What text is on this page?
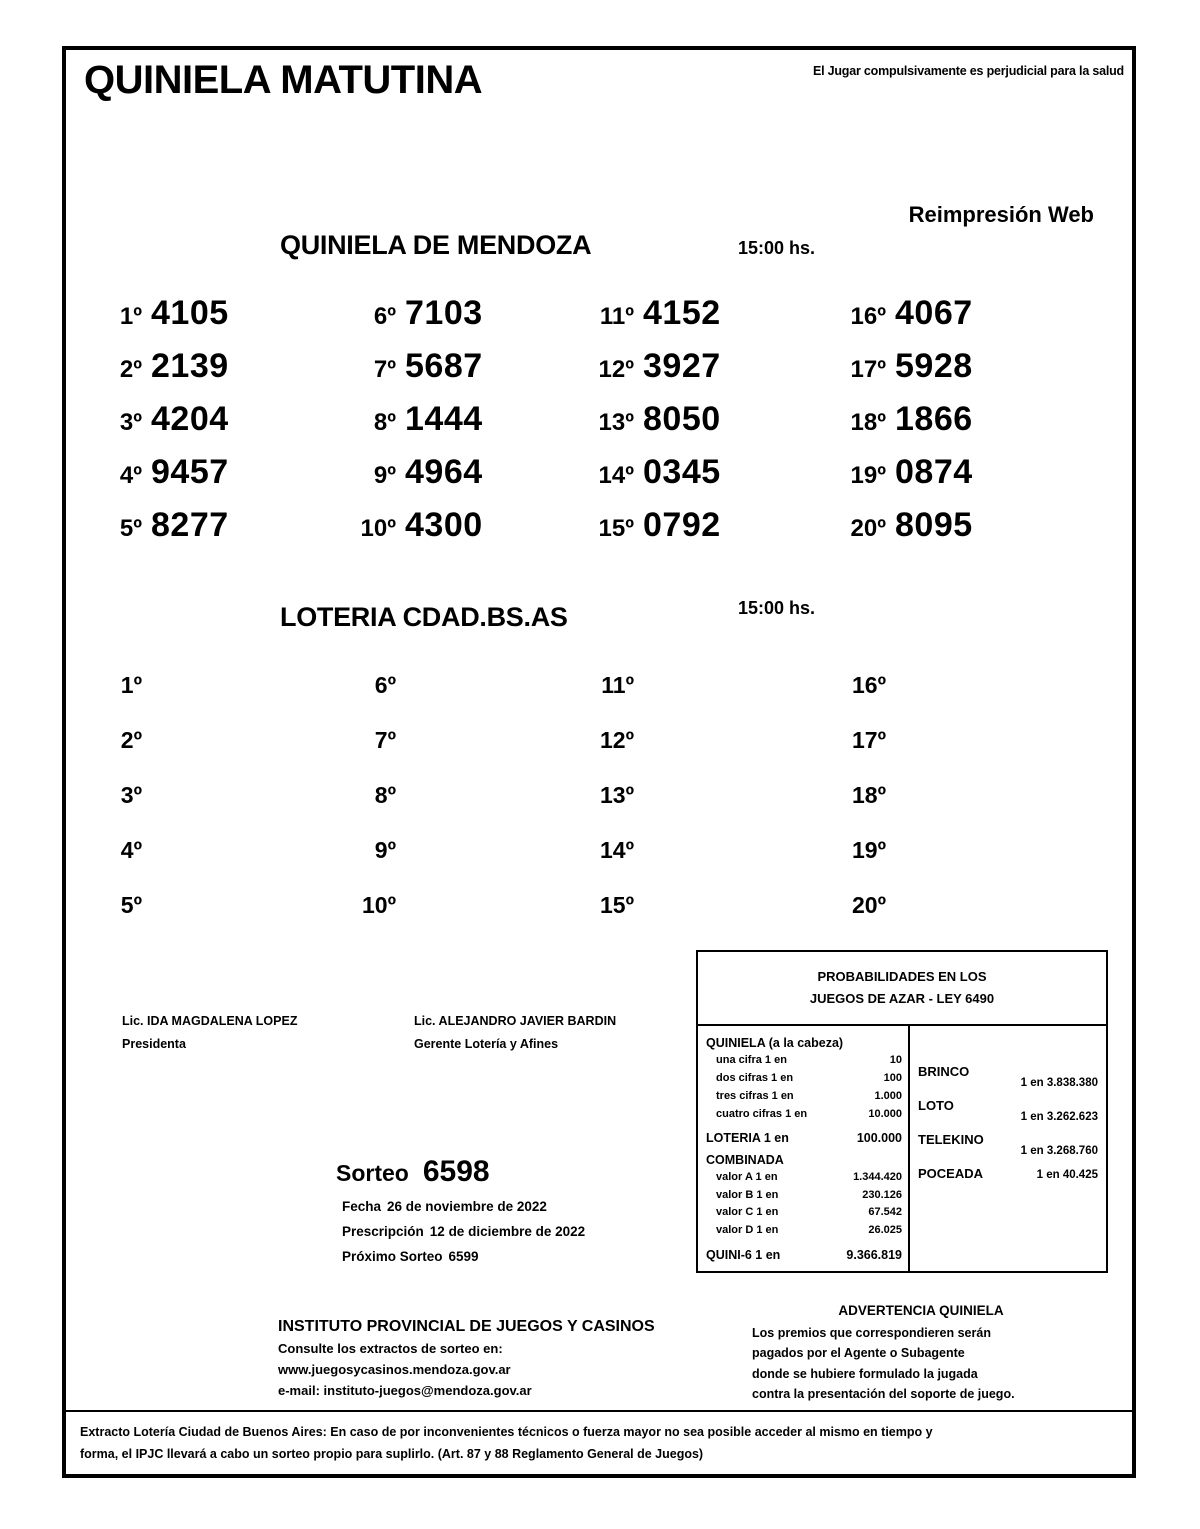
QUINIELA MATUTINA	El Jugar compulsivamente es perjudicial para la salud
Reimpresión Web
QUINIELA DE MENDOZA	15:00 hs.
1º 4105
2º 2139
3º 4204
4º 9457
5º 8277
6º 7103
7º 5687
8º 1444
9º 4964
10º 4300
11º 4152
12º 3927
13º 8050
14º 0345
15º 0792
16º 4067
17º 5928
18º 1866
19º 0874
20º 8095
LOTERIA CDAD.BS.AS	15:00 hs.
1º
2º
3º
4º
5º
6º
7º
8º
9º
10º
11º
12º
13º
14º
15º
16º
17º
18º
19º
20º
Lic. IDA MAGDALENA LOPEZ
Presidenta
Lic. ALEJANDRO JAVIER BARDIN
Gerente Lotería y Afines
Sorteo 6598
Fecha 26 de noviembre de 2022
Prescripción 12 de diciembre de 2022
Próximo Sorteo 6599
PROBABILIDADES EN LOS
JUEGOS DE AZAR - LEY 6490
QUINIELA (a la cabeza)
una cifra 1 en	10
dos cifras 1 en	100
tres cifras 1 en	1.000
cuatro cifras 1 en	10.000
LOTERIA 1 en	100.000
COMBINADA
valor A 1 en	1.344.420
valor B 1 en	230.126
valor C 1 en	67.542
valor D 1 en	26.025
QUINI-6 1 en	9.366.819
BRINCO
1 en 3.838.380
LOTO
1 en 3.262.623
TELEKINO
1 en 3.268.760
POCEADA	1 en 40.425
ADVERTENCIA QUINIELA
Los premios que correspondieren serán
pagados por el Agente o Subagente
donde se hubiere formulado la jugada
contra la presentación del soporte de juego.
INSTITUTO PROVINCIAL DE JUEGOS Y CASINOS
Consulte los extractos de sorteo en:
www.juegosycasinos.mendoza.gov.ar
e-mail: instituto-juegos@mendoza.gov.ar
Extracto Lotería Ciudad de Buenos Aires: En caso de por inconvenientes técnicos o fuerza mayor no sea posible acceder al mismo en tiempo y
forma, el IPJC llevará a cabo un sorteo propio para suplirlo. (Art. 87 y 88 Reglamento General de Juegos)
